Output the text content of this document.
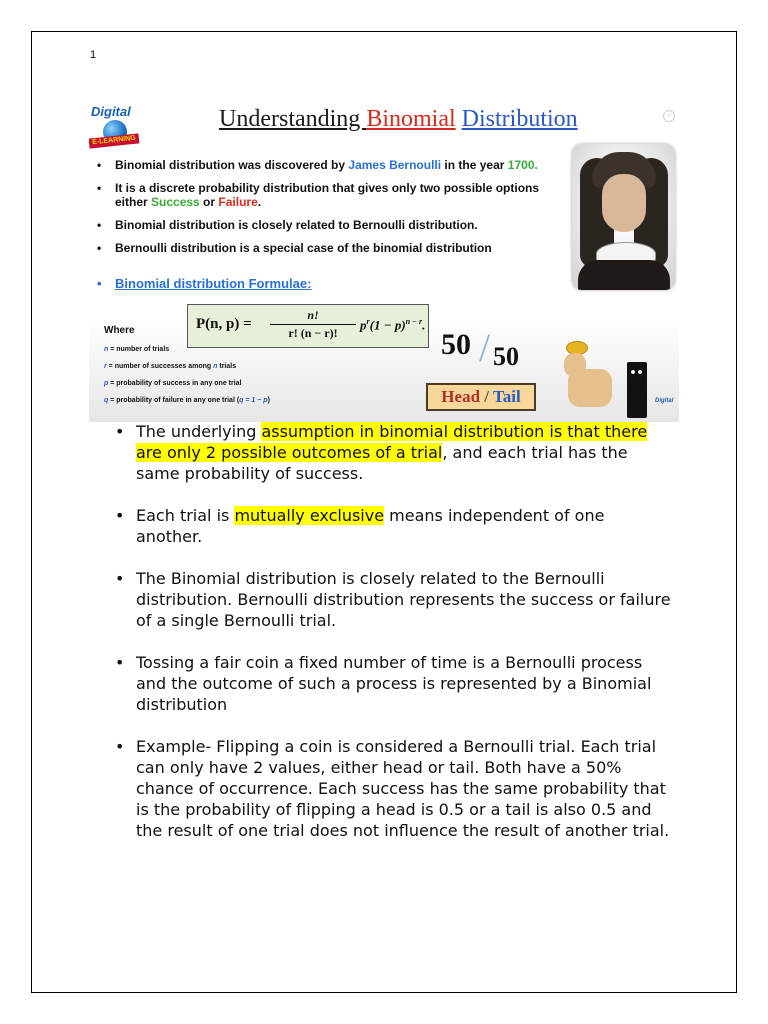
1
Digital
E-LEARNING
Understanding Binomial Distribution	i
• Binomial distribution was discovered by James Bernoulli in the year 1700.
• It is a discrete probability distribution that gives only two possible options either Success or Failure.
• Binomial distribution is closely related to Bernoulli distribution.
• Bernoulli distribution is a special case of the binomial distribution
• Binomial distribution Formulae:
P(n, $p) = \frac{n!}{r! (n - r)!} p^r(1 - p)^{n - r}$.
Where
n = number of trials
r = number of successes among n trials
p = probability of success in any one trial
q = probability of failure in any one trial (q = 1 − p)
50 / 50
Head / Tail	Digital
• The underlying assumption in binomial distribution is that there are only 2 possible outcomes of a trial, and each trial has the same probability of success.
• Each trial is mutually exclusive means independent of one another.
• The Binomial distribution is closely related to the Bernoulli distribution. Bernoulli distribution represents the success or failure of a single Bernoulli trial.
• Tossing a fair coin a fixed number of time is a Bernoulli process and the outcome of such a process is represented by a Binomial distribution
• Example- Flipping a coin is considered a Bernoulli trial. Each trial can only have 2 values, either head or tail. Both have a 50% chance of occurrence. Each success has the same probability that is the probability of flipping a head is 0.5 or a tail is also 0.5 and the result of one trial does not influence the result of another trial.
